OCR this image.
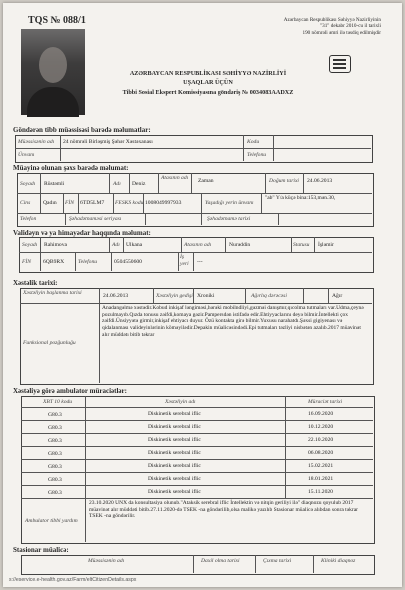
TQS № 088/1	Azərbaycan Respublikası Səhiyyə Nazirliyinin
"31" dekabr 2010-cu il tarixli
190 nömrəli əmri ilə təsdiq edilmişdir
AZƏRBAYCAN RESPUBLİKASI SƏHİYYƏ NAZİRLİYİ
UŞAQLAR ÜÇÜN
Tibbi Sosial Ekspert Komissiyasına göndəriş № 0034083AADXZ
Göndərən tibb müəssisəsi barədə məlumatlar:
Müəssisənin adı 24 nömrəli Birləşmiş Şəhər Xəstəxanası	Kodu
Ünvanı	Telefonu
Müayinə olunan şəxs barədə məlumat:
Soyadı Rüstəmli	Adı Deniz
Atasının adı	Zaman	Doğum tarixi 24.06.2013
Cins Qadın FİN 6TD5LM7 FESKS kodu 1008049997933	Yaşadığı yerin ünvanı
"ab" Y/a küçə bina:153,mən.30,
Telefon	Şəhadətnaməsi seriyası	Şəhadətnamə tarixi
Validəyn və ya himayədar haqqında məlumat:
Soyadı Rahimova	Adı Ulkana	Atasının adı	Nurəddin	Statusu İşləmir
FİN 6QB9RX Telefonu	0504550600
İş yeri	---
Xəstəlik tarixi:
Xəstəliyin başlanma tarixi	24.06.2013	Xəstəliyin gedişi Xroniki	Ağırlıq dərəcəsi	Ağır
Funksional pozğunluğu
Anadangəlmə xəstədir.Kobud inkişaf ləngiməsi,hərəki mobilndliyi,gəzməi danışmır,qıcolma tutmaları var.Udma,çeynə pozulmayıb.Qızda tonusu zəifdi,komaya gəzir.Pampersdən istifadə edir.Ehtiyyaclarını deyə bilmir.İntellekti çox zəifdi.Ünsiyyətə girmir,inkişaf ehtiyacı duyur. Özü kontakta girə bilmir.Yuxusu narahatdı.Şəxsi gigiyenası və qidalanması valideyinlərinin köməyilədir.Depakin müalicəsindədi.Epi tutmaları təzliyi nisbətən azalıb.2017 müavinət alır müddətı bitib təkrar
Xəstəliyə görə ambulator müraciətlər:
XBT 10 kodu	Xəstəliyin adı	Müraciət tarixi
G80.3	Diskinetik serebral iflic	16.09.2020
G80.3	Diskinetik serebral iflic	10.12.2020
G80.3	Diskinetik serebral iflic	22.10.2020
G80.3	Diskinetik serebral iflic	06.08.2020
G80.3	Diskinetik serebral iflic	15.02.2021
G80.3	Diskinetik serebral iflic	18.01.2021
G80.3	Diskinetik serebral iflic	15.11.2020
Ambulator tibbi yardım
23.10.2020 UNX da konsultasiya olunub."Ataksik serebral iflic İntellektin və nitqin geriliyi ilə" diaqnozu qoyulub 2017 müavinət alır müddəti bitib.27.11.2020-də TSEK -na göndərilib,olsa malikə yazılıb Stasionar müalicə alıbdan sonra təkrar TSEK -na göndərilir.
Stasionar müalicə:
Müəssisənin adı	Daxil olma tarixi	Çıxma tarixi	Kliniki diaqnoz
s://eservice.e-health.gov.az/Farm/eltCitizenDetails.aspx
